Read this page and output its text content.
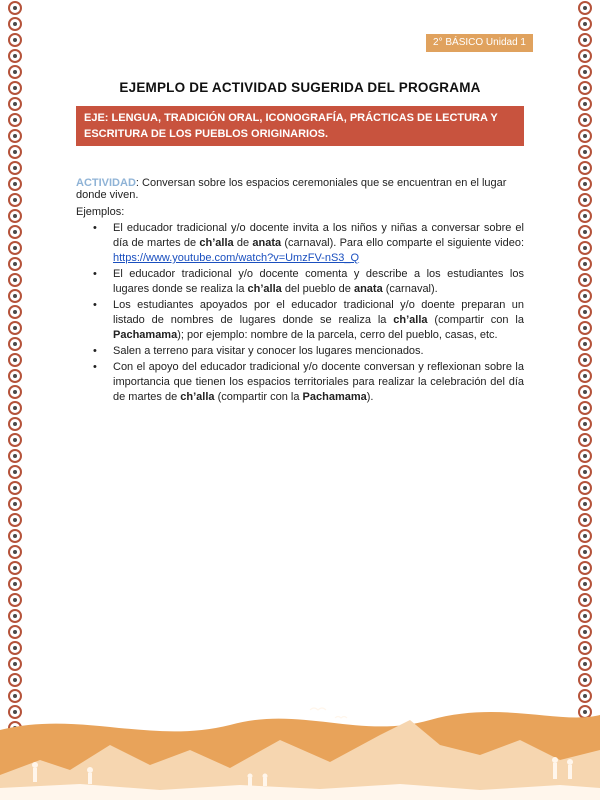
2° BÁSICO Unidad 1
EJEMPLO DE ACTIVIDAD SUGERIDA DEL PROGRAMA
EJE: LENGUA, TRADICIÓN ORAL, ICONOGRAFÍA, PRÁCTICAS DE LECTURA Y ESCRITURA DE LOS PUEBLOS ORIGINARIOS.
ACTIVIDAD: Conversan sobre los espacios ceremoniales que se encuentran en el lugar donde viven.
Ejemplos:
• El educador tradicional y/o docente invita a los niños y niñas a conversar sobre el día de martes de ch’alla de anata (carnaval). Para ello comparte el siguiente video: https://www.youtube.com/watch?v=UmzFV-nS3_Q
• El educador tradicional y/o docente comenta y describe a los estudiantes los lugares donde se realiza la ch’alla del pueblo de anata (carnaval).
• Los estudiantes apoyados por el educador tradicional y/o doente preparan un listado de nombres de lugares donde se realiza la ch’alla (compartir con la Pachamama); por ejemplo: nombre de la parcela, cerro del pueblo, casas, etc.
• Salen a terreno para visitar y conocer los lugares mencionados.
• Con el apoyo del educador tradicional y/o docente conversan y reflexionan sobre la importancia que tienen los espacios territoriales para realizar la celebración del día de martes de ch’alla (compartir con la Pachamama).
